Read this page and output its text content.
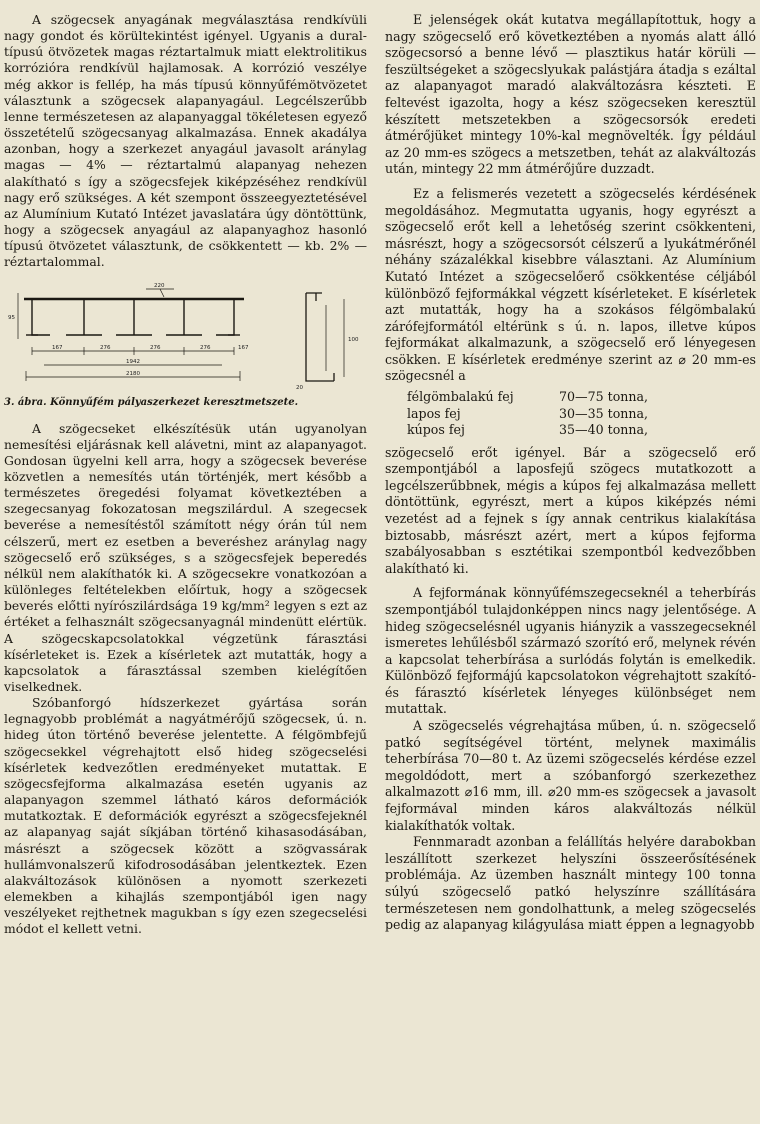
A szögecsek anyagának megválasztása rendkívüli nagy gondot és körültekintést igényel. Ugyanis a dural-típusú ötvözetek magas réztartalmuk miatt elektrolitikus korrózióra rendkívül hajlamosak. A korrózió veszélye még akkor is fellép, ha más típusú könnyűfémötvözetet választunk a szögecsek alapanyagául. Legcélszerűbb lenne természetesen az alapanyaggal tökéletesen egyező összetételű szögecsanyag alkalmazása. Ennek akadálya azonban, hogy a szerkezet anyagául javasolt aránylag magas — 4% — réztartalmú alapanyag nehezen alakítható s így a szögecsfejek kiképzéséhez rendkívül nagy erő szükséges. A két szempont összeegyeztetésével az Alumínium Kutató Intézet javaslatára úgy döntöttünk, hogy a szögecsek anyagául az alapanyaghoz hasonló típusú ötvözetet választunk, de csökkentett — kb. 2% — réztartalommal.

220
95
167	276	276	276	167
1942
2180
100
20
3. ábra. Könnyűfém pályaszerkezet keresztmetszete.

A szögecseket elkészítésük után ugyanolyan nemesítési eljárásnak kell alávetni, mint az alapanyagot. Gondosan ügyelni kell arra, hogy a szögecsek beverése közvetlen a nemesítés után történjék, mert később a természetes öregedési folyamat következtében a szegecsanyag fokozatosan megszilárdul. A szegecsek beverése a nemesítéstől számított négy órán túl nem célszerű, mert ez esetben a beveréshez aránylag nagy szögecselő erő szükséges, s a szögecsfejek beperedés nélkül nem alakíthatók ki. A szögecsekre vonatkozóan a különleges feltételekben előírtuk, hogy a szögecsek beverés előtti nyírószilárdsága 19 kg/mm² legyen s ezt az értéket a felhasznált szögecsanyagnál mindenütt elértük. A szögecskapcsolatokkal végzetünk fárasztási kísérleteket is. Ezek a kísérletek azt mutatták, hogy a kapcsolatok a fárasztással szemben kielégítően viselkednek.

Szóbanforgó hídszerkezet gyártása során legnagyobb problémát a nagyátmérőjű szögecsek, ú. n. hideg úton történő beverése jelentette. A félgömbfejű szögecsekkel végrehajtott első hideg szögecselési kísérletek kedvezőtlen eredményeket mutattak. E szögecsfejforma alkalmazása esetén ugyanis az alapanyagon szemmel látható káros deformációk mutatkoztak. E deformációk egyrészt a szögecsfejeknél az alapanyag saját síkjában történő kihasasodásában, másrészt a szögecsek között a szögvassárak hullámvonalszerű kifodrosodásában jelentkeztek. Ezen alakváltozások különösen a nyomott szerkezeti elemekben a kihajlás szempontjából igen nagy veszélyeket rejthetnek magukban s így ezen szegecselési módot el kellett vetni.

E jelenségek okát kutatva megállapítottuk, hogy a nagy szögecselő erő következtében a nyomás alatt álló szögecsorsó a benne lévő — plasztikus határ körüli — feszültségeket a szögecslyukak palástjára átadja s ezáltal az alapanyagot maradó alakváltozásra készteti. E feltevést igazolta, hogy a kész szögecseken keresztül készített metszetekben a szögecsorsók eredeti átmérőjüket mintegy 10%-kal megnövelték. Így például az 20 mm-es szögecs a metszetben, tehát az alakváltozás után, mintegy 22 mm átmérőjűre duzzadt.

Ez a felismerés vezetett a szögecselés kérdésének megoldásához. Megmutatta ugyanis, hogy egyrészt a szögecselő erőt kell a lehetőség szerint csökkenteni, másrészt, hogy a szögecsorsót célszerű a lyukátmérőnél néhány százalékkal kisebbre választani. Az Alumínium Kutató Intézet a szögecselőerő csökkentése céljából különböző fejformákkal végzett kísérleteket. E kísérletek azt mutatták, hogy ha a szokásos félgömbalakú zárófejformától eltérünk s ú. n. lapos, illetve kúpos fejformákat alkalmazunk, a szögecselő erő lényegesen csökken. E kísérletek eredménye szerint az ⌀ 20 mm-es szögecsnél a

félgömbalakú fej	70—75 tonna,
lapos fej	30—35 tonna,
kúpos fej	35—40 tonna,

szögecselő erőt igényel. Bár a szögecselő erő szempontjából a laposfejű szögecs mutatkozott a legcélszerűbbnek, mégis a kúpos fej alkalmazása mellett döntöttünk, egyrészt, mert a kúpos kiképzés némi vezetést ad a fejnek s így annak centrikus kialakítása biztosabb, másrészt azért, mert a kúpos fejforma szabályosabban s esztétikai szempontból kedvezőbben alakítható ki.

A fejformának könnyűfémszegecseknél a teherbírás szempontjából tulajdonképpen nincs nagy jelentősége. A hideg szögecselésnél ugyanis hiányzik a vasszegecseknél ismeretes lehűlésből származó szorító erő, melynek révén a kapcsolat teherbírása a surlódás folytán is emelkedik. Különböző fejformájú kapcsolatokon végrehajtott szakító- és fárasztó kísérletek lényeges különbséget nem mutattak.

A szögecselés végrehajtása műben, ú. n. szögecselő patkó segítségével történt, melynek maximális teherbírása 70—80 t. Az üzemi szögecselés kérdése ezzel megoldódott, mert a szóbanforgó szerkezethez alkalmazott ⌀16 mm, ill. ⌀20 mm-es szögecsek a javasolt fejformával minden káros alakváltozás nélkül kialakíthatók voltak.

Fennmaradt azonban a felállítás helyére darabokban leszállított szerkezet helyszíni összeerősítésének problémája. Az üzemben használt mintegy 100 tonna súlyú szögecselő patkó helyszínre szállítására természetesen nem gondolhattunk, a meleg szögecselés pedig az alapanyag kilágyulása miatt éppen a legnagyobb
